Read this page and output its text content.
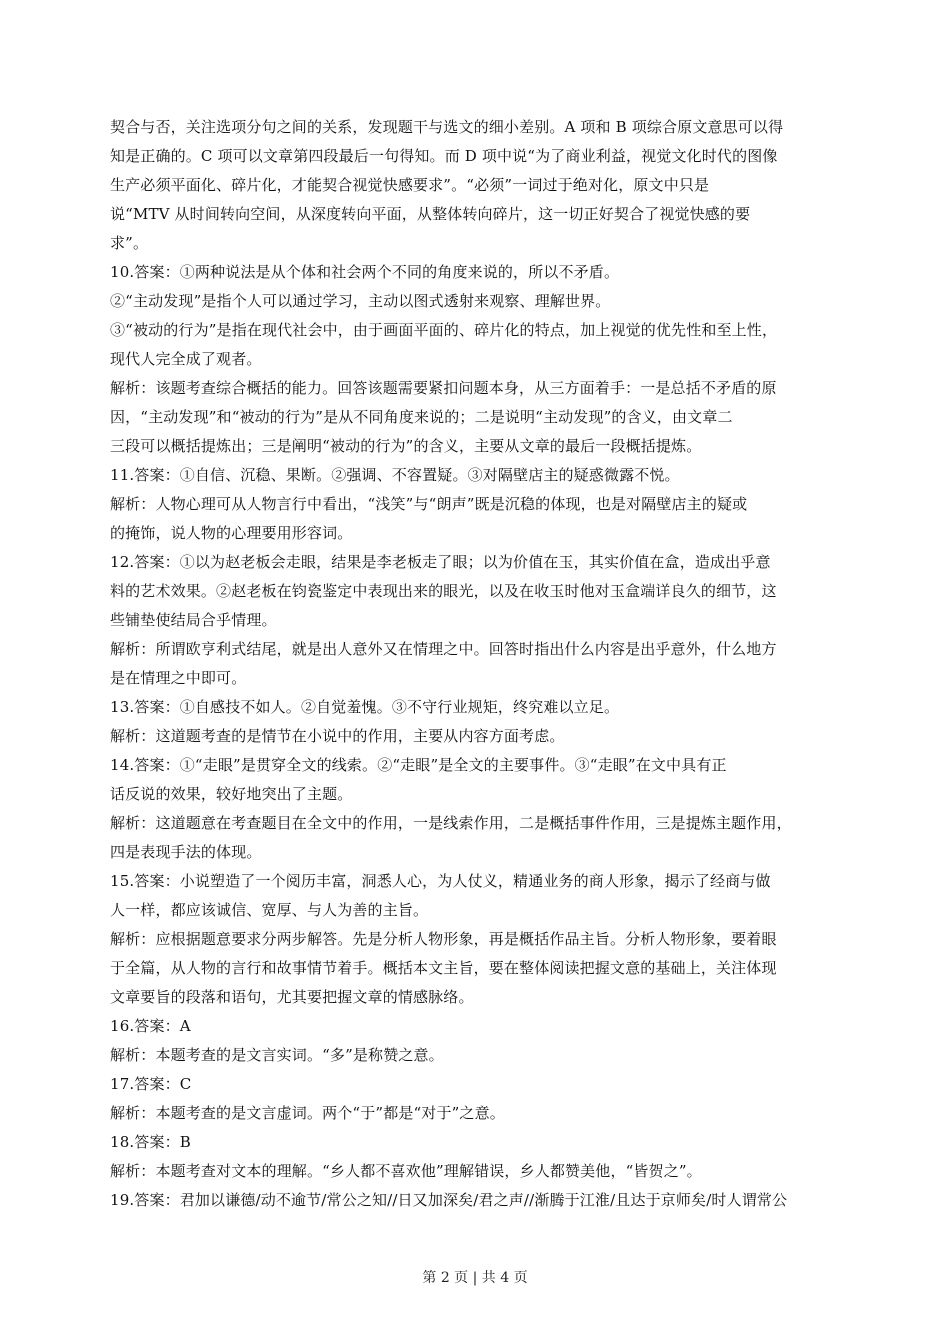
契合与否，关注选项分句之间的关系，发现题干与选文的细小差别。A 项和 B 项综合原文意思可以得
知是正确的。C 项可以文章第四段最后一句得知。而 D 项中说“为了商业利益，视觉文化时代的图像
生产必须平面化、碎片化，才能契合视觉快感要求”。“必须”一词过于绝对化，原文中只是
说“MTV 从时间转向空间，从深度转向平面，从整体转向碎片，这一切正好契合了视觉快感的要
求”。
10.答案：①两种说法是从个体和社会两个不同的角度来说的，所以不矛盾。
②“主动发现”是指个人可以通过学习，主动以图式透射来观察、理解世界。
③“被动的行为”是指在现代社会中，由于画面平面的、碎片化的特点，加上视觉的优先性和至上性，
现代人完全成了观者。
解析：该题考查综合概括的能力。回答该题需要紧扣问题本身，从三方面着手：一是总括不矛盾的原
因，“主动发现”和“被动的行为”是从不同角度来说的；二是说明“主动发现”的含义，由文章二
三段可以概括提炼出；三是阐明“被动的行为”的含义，主要从文章的最后一段概括提炼。
11.答案：①自信、沉稳、果断。②强调、不容置疑。③对隔壁店主的疑惑微露不悦。
解析：人物心理可从人物言行中看出，“浅笑”与“朗声”既是沉稳的体现，也是对隔壁店主的疑或
的掩饰，说人物的心理要用形容词。
12.答案：①以为赵老板会走眼，结果是李老板走了眼；以为价值在玉，其实价值在盒，造成出乎意
料的艺术效果。②赵老板在钧瓷鉴定中表现出来的眼光，以及在收玉时他对玉盒端详良久的细节，这
些铺垫使结局合乎情理。
解析：所谓欧亨利式结尾，就是出人意外又在情理之中。回答时指出什么内容是出乎意外，什么地方
是在情理之中即可。
13.答案：①自感技不如人。②自觉羞愧。③不守行业规矩，终究难以立足。
解析：这道题考查的是情节在小说中的作用，主要从内容方面考虑。
14.答案：①“走眼”是贯穿全文的线索。②“走眼”是全文的主要事件。③“走眼”在文中具有正
话反说的效果，较好地突出了主题。
解析：这道题意在考查题目在全文中的作用，一是线索作用，二是概括事件作用，三是提炼主题作用，
四是表现手法的体现。
15.答案：小说塑造了一个阅历丰富，洞悉人心，为人仗义，精通业务的商人形象，揭示了经商与做
人一样，都应该诚信、宽厚、与人为善的主旨。
解析：应根据题意要求分两步解答。先是分析人物形象，再是概括作品主旨。分析人物形象，要着眼
于全篇，从人物的言行和故事情节着手。概括本文主旨，要在整体阅读把握文意的基础上，关注体现
文章要旨的段落和语句，尤其要把握文章的情感脉络。
16.答案：A
解析：本题考查的是文言实词。“多”是称赞之意。
17.答案：C
解析：本题考查的是文言虚词。两个“于”都是“对于”之意。
18.答案：B
解析：本题考查对文本的理解。“乡人都不喜欢他”理解错误，乡人都赞美他，“皆贺之”。
19.答案：君加以谦德/动不逾节/常公之知//日又加深矣/君之声//渐腾于江淮/且达于京师矣/时人谓常公
第 2 页 | 共 4 页
